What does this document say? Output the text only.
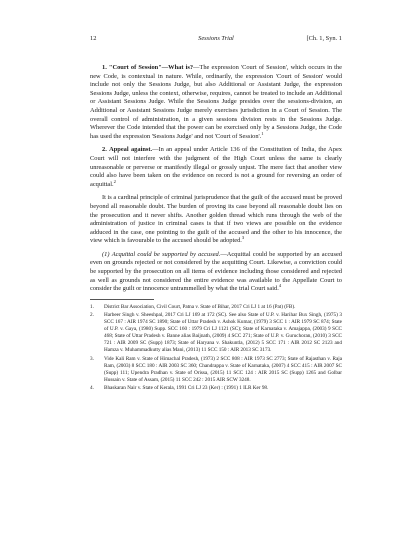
12	Sessions Trial	[Ch. 1, Syn. 1

1. "Court of Session"—What is?—The expression 'Court of Session', which occurs in the new Code, is contextual in nature. While, ordinarily, the expression 'Court of Session' would include not only the Sessions Judge, but also Additional or Assistant Judge, the expression Sessions Judge, unless the context, otherwise, requires, cannot be treated to include an Additional or Assistant Sessions Judge. While the Sessions Judge presides over the sessions-division, an Additional or Assistant Sessions Judge merely exercises jurisdiction in a Court of Session. The overall control of administration, in a given sessions division rests in the Sessions Judge. Wherever the Code intended that the power can be exercised only by a Sessions Judge, the Code has used the expression 'Sessions Judge' and not 'Court of Session'.$^1$

2. Appeal against.—In an appeal under Article 136 of the Constitution of India, the Apex Court will not interfere with the judgment of the High Court unless the same is clearly unreasonable or perverse or manifestly illegal or grossly unjust. The mere fact that another view could also have been taken on the evidence on record is not a ground for reversing an order of acquittal.$^2$

It is a cardinal principle of criminal jurisprudence that the guilt of the accused must be proved beyond all reasonable doubt. The burden of proving its case beyond all reasonable doubt lies on the prosecution and it never shifts. Another golden thread which runs through the web of the administration of justice in criminal cases is that if two views are possible on the evidence adduced in the case, one pointing to the guilt of the accused and the other to his innocence, the view which is favourable to the accused should be adopted.$^3$

(1) Acquittal could be supported by accused.—Acquittal could be supported by an accused even on grounds rejected or not considered by the acquitting Court. Likewise, a conviction could be supported by the prosecution on all items of evidence including those considered and rejected as well as grounds not considered the entire evidence was available to the Appellate Court to consider the guilt or innocence untrammelled by what the trial Court said.$^4$

1. District Bar Association, Civil Court, Patna v. State of Bihar, 2017 Cri LJ 1 at 16 (Pat) (FB).
2. Harbeer Singh v. Sheeshpal, 2017 Cri LJ 169 at 172 (SC). See also State of U.P. v. Harihar Bux Singh, (1975) 3 SCC 167 : AIR 1974 SC 1890; State of Uttar Pradesh v. Ashok Kumar, (1979) 3 SCC 1 : AIR 1979 SC 874; State of U.P. v. Gaya, (1980) Supp. SCC 160 : 1979 Cri LJ 1121 (SC); State of Karnataka v. Amajappa, (2003) 9 SCC 468; State of Uttar Pradesh v. Banne alias Baijnath, (2009) 4 SCC 271; State of U.P. v. Guruchoran, (2010) 3 SCC 721 : AIR 2009 SC (Supp) 1873; State of Haryana v. Shakuntla, (2012) 5 SCC 171 : AIR 2012 SC 2123 and Hamza v. Muhammadkutty alias Mani, (2013) 11 SCC 150 : AIR 2013 SC 3173.
3. Vide Kali Ram v. State of Himachal Pradesh, (1973) 2 SCC 808 : AIR 1973 SC 2773; State of Rajasthan v. Raja Ram, (2003) 8 SCC 180 : AIR 2003 SC 360; Chandrappa v. State of Karnataka, (2007) 4 SCC 415 : AIR 2007 SC (Supp) 111; Upendra Pradhan v. State of Orissa, (2015) 11 SCC 124 : AIR 2015 SC (Supp) 1265 and Golbar Hussain v. State of Assam, (2015) 11 SCC 242 : 2015 AIR SCW 3248.
4. Bhaskaran Nair v. State of Kerala, 1991 Cri LJ 23 (Ker) : (1991) 1 ILR Ker 98.
